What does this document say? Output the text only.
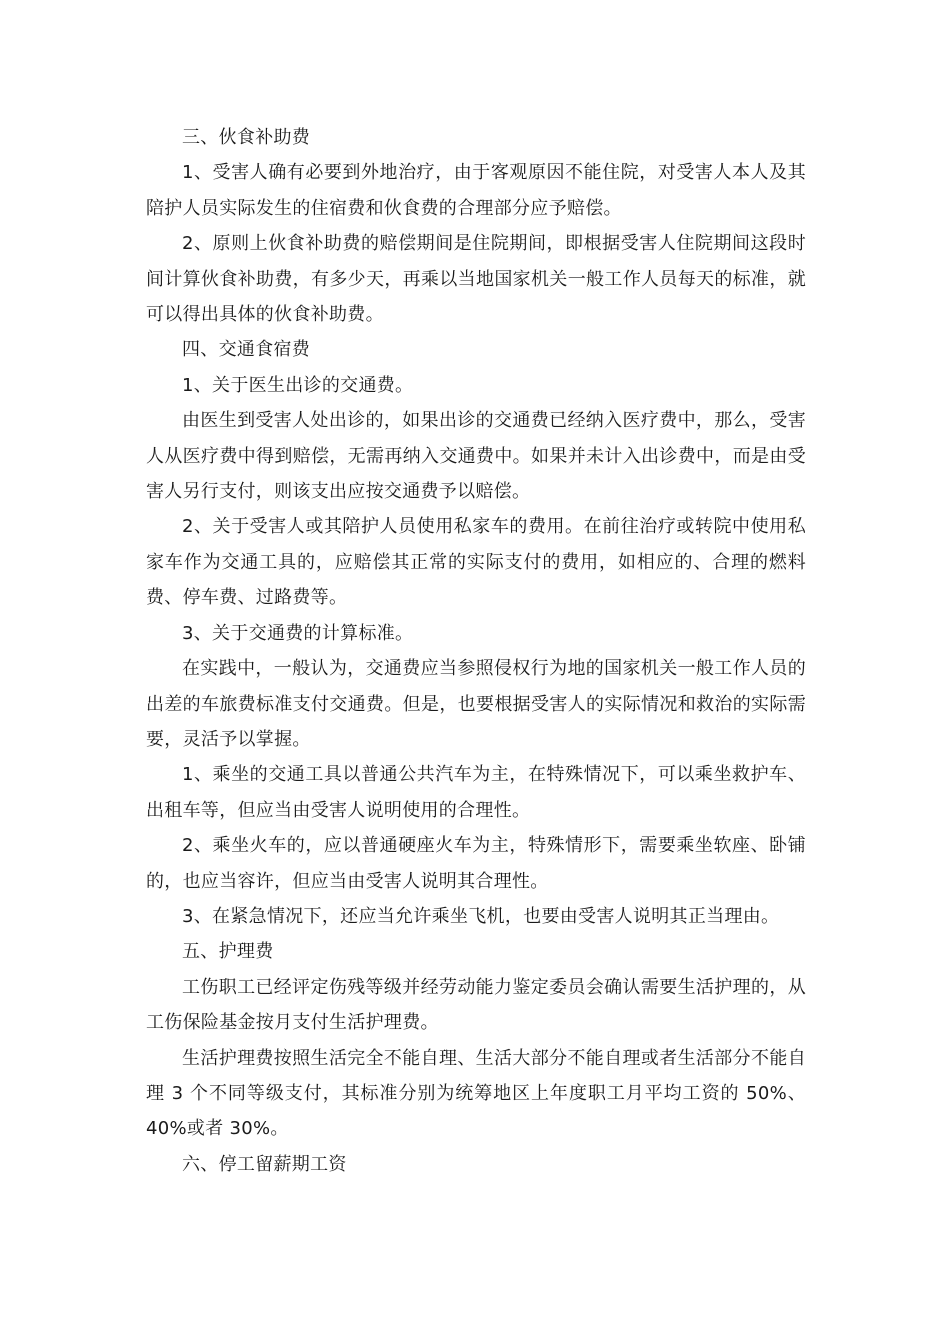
三、伙食补助费

1、受害人确有必要到外地治疗，由于客观原因不能住院，对受害人本人及其陪护人员实际发生的住宿费和伙食费的合理部分应予赔偿。

2、原则上伙食补助费的赔偿期间是住院期间，即根据受害人住院期间这段时间计算伙食补助费，有多少天，再乘以当地国家机关一般工作人员每天的标准，就可以得出具体的伙食补助费。

四、交通食宿费

1、关于医生出诊的交通费。

由医生到受害人处出诊的，如果出诊的交通费已经纳入医疗费中，那么，受害人从医疗费中得到赔偿，无需再纳入交通费中。如果并未计入出诊费中，而是由受害人另行支付，则该支出应按交通费予以赔偿。

2、关于受害人或其陪护人员使用私家车的费用。在前往治疗或转院中使用私家车作为交通工具的，应赔偿其正常的实际支付的费用，如相应的、合理的燃料费、停车费、过路费等。

3、关于交通费的计算标准。

在实践中，一般认为，交通费应当参照侵权行为地的国家机关一般工作人员的出差的车旅费标准支付交通费。但是，也要根据受害人的实际情况和救治的实际需要，灵活予以掌握。

1、乘坐的交通工具以普通公共汽车为主，在特殊情况下，可以乘坐救护车、出租车等，但应当由受害人说明使用的合理性。

2、乘坐火车的，应以普通硬座火车为主，特殊情形下，需要乘坐软座、卧铺的，也应当容许，但应当由受害人说明其合理性。

3、在紧急情况下，还应当允许乘坐飞机，也要由受害人说明其正当理由。

五、护理费

工伤职工已经评定伤残等级并经劳动能力鉴定委员会确认需要生活护理的，从工伤保险基金按月支付生活护理费。

生活护理费按照生活完全不能自理、生活大部分不能自理或者生活部分不能自理 3 个不同等级支付，其标准分别为统筹地区上年度职工月平均工资的 50%、40%或者 30%。

六、停工留薪期工资
